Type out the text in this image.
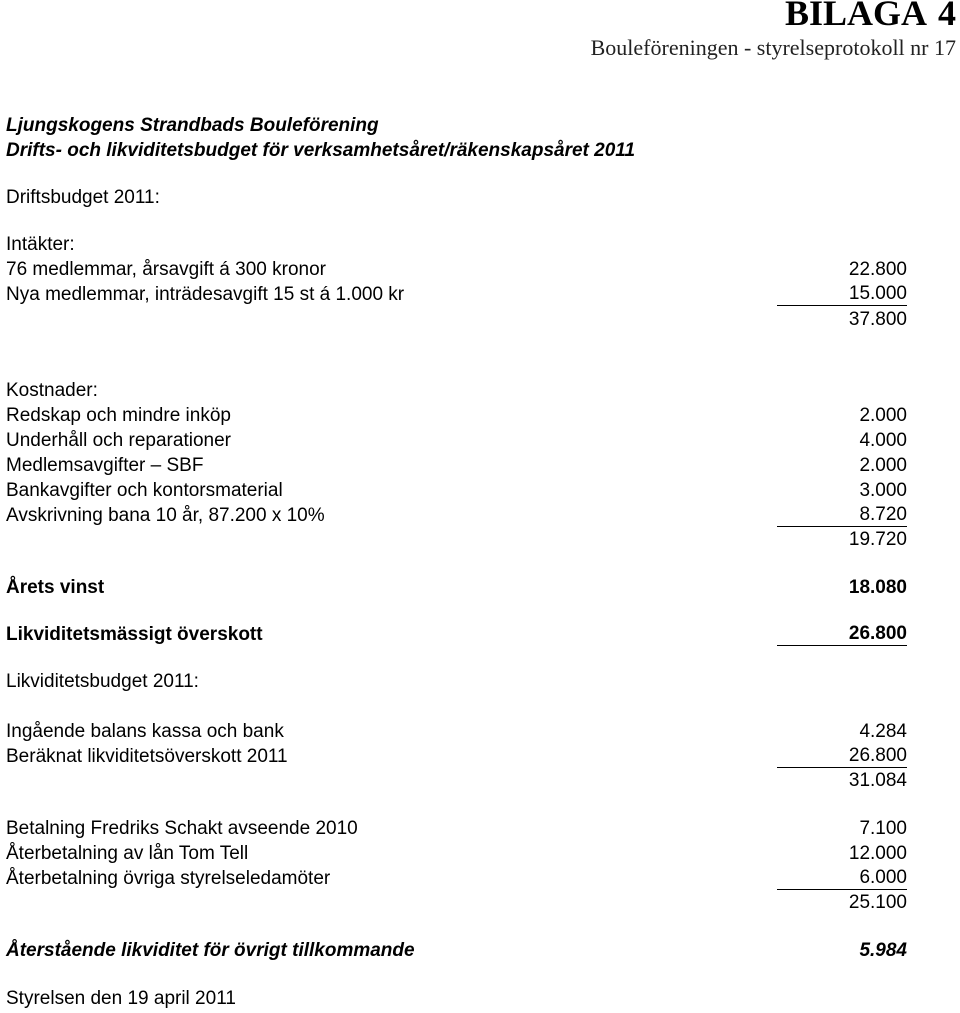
BILAGA 4
Bouleföreningen - styrelseprotokoll nr 17
Ljungskogens Strandbads Bouleförening
Drifts- och likviditetsbudget för verksamhetsåret/räkenskapsåret 2011
Driftsbudget 2011:
Intäkter:
76 medlemmar, årsavgift á 300 kronor	22.800
Nya medlemmar, inträdesavgift 15 st á 1.000 kr	15.000
37.800
Kostnader:
Redskap och mindre inköp	2.000
Underhåll och reparationer	4.000
Medlemsavgifter – SBF	2.000
Bankavgifter och kontorsmaterial	3.000
Avskrivning bana 10 år, 87.200 x 10%	8.720
19.720
Årets vinst	18.080
Likviditetsmässigt överskott	26.800
Likviditetsbudget 2011:
Ingående balans kassa och bank	4.284
Beräknat likviditetsöverskott 2011	26.800
31.084
Betalning Fredriks Schakt avseende 2010	7.100
Återbetalning av lån Tom Tell	12.000
Återbetalning övriga styrelseledamöter	6.000
25.100
Återstående likviditet för övrigt tillkommande	5.984
Styrelsen den 19 april 2011
